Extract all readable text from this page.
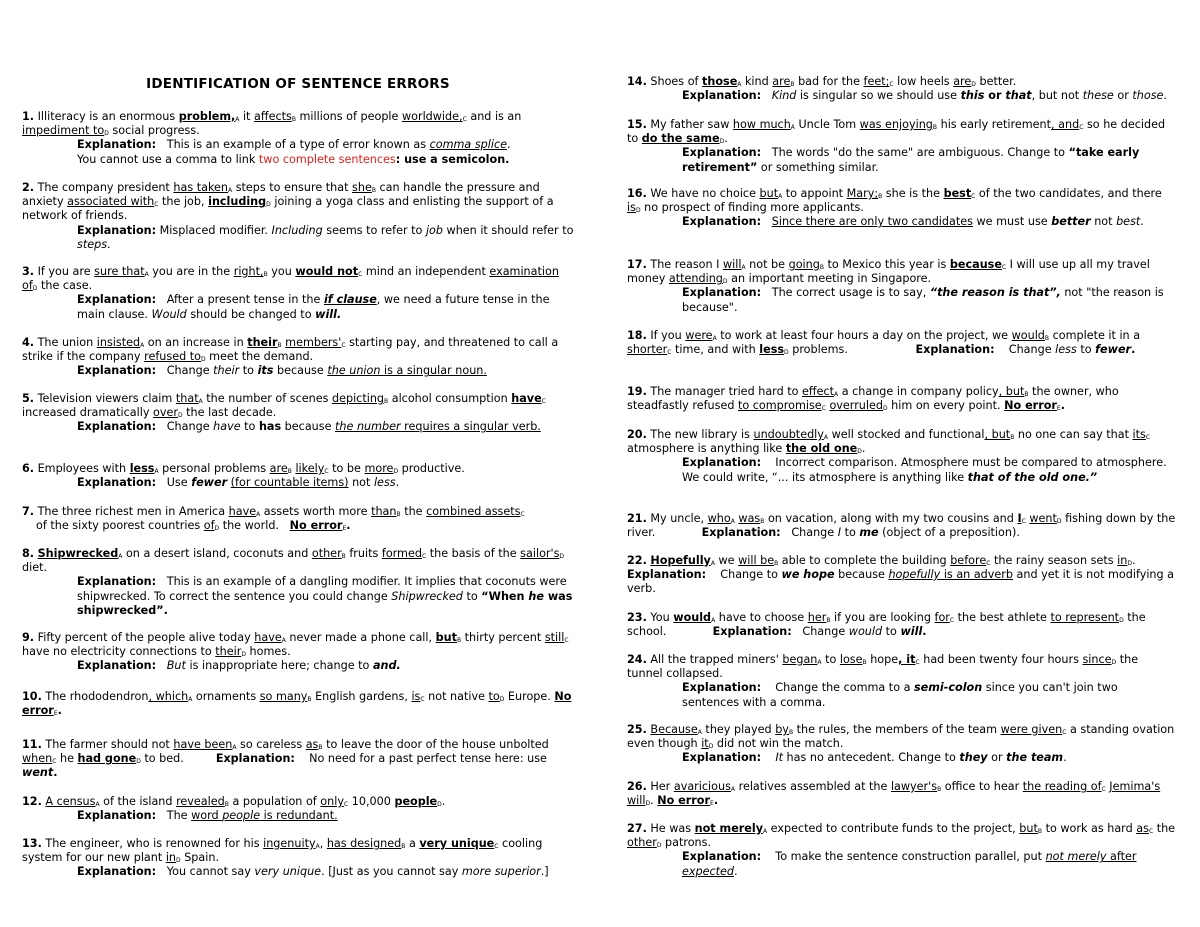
IDENTIFICATION OF SENTENCE ERRORS
1. Illiteracy is an enormous $problem,_A$ it affects$_B$ millions of people $worldwide,_C$ and is an impediment $to_D$ social progress.
Explanation:   This is an example of a type of error known as comma splice.
You cannot use a comma to link two complete sentences: use a semicolon.
2. The company president has taken$_A$ steps to ensure that she$_B$ can handle the pressure and anxiety associated with$_C$ the job, including$_D$ joining a yoga class and enlisting the support of a network of friends.
Explanation: Misplaced modifier. Including seems to refer to job when it should refer to steps.
3. If you are sure that$_A$ you are in the $right,_B$ you would not$_C$ mind an independent examination $of_D$ the case.
Explanation:   After a present tense in the if clause, we need a future tense in the main clause. Would should be changed to will.
4. The union insisted$_A$ on an increase in their$_B$ $members'_C$ starting pay, and threatened to call a strike if the company refused $to_D$ meet the demand.
Explanation:   Change their to its because the union is a singular noun.
5. Television viewers claim that$_A$ the number of scenes depicting$_B$ alcohol consumption have$_C$ increased dramatically over$_D$ the last decade.
Explanation:   Change have to has because the number requires a singular verb.
6. Employees with less$_A$ personal problems are$_B$ likely$_C$ to be more$_D$ productive.
Explanation:   Use fewer (for countable items) not less.
7. The three richest men in America have$_A$ assets worth more than$_B$ the combined assets$_C$
of the sixty poorest countries $of_D$ the world.   No error$_E$.
8. Shipwrecked$_A$ on a desert island, coconuts and other$_B$ fruits formed$_C$ the basis of the $sailor's_D$ diet.
Explanation:   This is an example of a dangling modifier. It implies that coconuts were shipwrecked. To correct the sentence you could change Shipwrecked to “When he was shipwrecked”.
9. Fifty percent of the people alive today have$_A$ never made a phone call, but$_B$ thirty percent still$_C$ have no electricity connections to their$_D$ homes.
Explanation: But is inappropriate here; change to and.
10. The rhododendron, which$_A$ ornaments so many$_B$ English gardens, $is_C$ not native $to_D$ Europe. No error$_E$.
11. The farmer should not have been$_A$ so careless $as_B$ to leave the door of the house unbolted when$_C$ he had gone$_D$ to bed.         Explanation:    No need for a past perfect tense here: use went.
12. A census$_A$ of the island revealed$_B$ a population of only$_C$ 10,000 people$_D$.
Explanation:   The word people is redundant.
13. The engineer, who is renowned for his ingenuity$_A$, has designed$_B$ a very unique$_C$ cooling system for our new plant $in_D$ Spain.
Explanation:   You cannot say very unique. [Just as you cannot say more superior.]
14. Shoes of those$_A$ kind are$_B$ bad for the $feet;_C$ low heels are$_D$ better.
Explanation: Kind is singular so we should use this or that, but not these or those.
15. My father saw how much$_A$ Uncle Tom was enjoying$_B$ his early retirement, and$_C$ so he decided to do the same$_D$.
Explanation:   The words "do the same" are ambiguous. Change to “take early retirement” or something similar.
16. We have no choice but$_A$ to appoint $Mary;_B$ she is the best$_C$ of the two candidates, and there $is_D$ no prospect of finding more applicants.
Explanation: Since there are only two candidates we must use better not best.
17. The reason I will$_A$ not be going$_B$ to Mexico this year is because$_C$ I will use up all my travel money attending$_D$ an important meeting in Singapore.
Explanation:   The correct usage is to say, “the reason is that”, not "the reason is because".
18. If you were$_A$ to work at least four hours a day on the project, we would$_B$ complete it in a shorter$_C$ time, and with less$_D$ problems.                   Explanation:    Change less to fewer.
19. The manager tried hard to effect$_A$ a change in company policy, but$_B$ the owner, who steadfastly refused to compromise$_C$ overruled$_D$ him on every point. No error$_E$.
20. The new library is undoubtedly$_A$ well stocked and functional, but$_B$ no one can say that its$_C$ atmosphere is anything like the old one$_D$.
Explanation:    Incorrect comparison. Atmosphere must be compared to atmosphere. We could write, “... its atmosphere is anything like that of the old one.”
21. My uncle, who$_A$ was$_B$ on vacation, along with my two cousins and $I_C$ went$_D$ fishing down by the river.             Explanation:   Change I to me (object of a preposition).
22. Hopefully$_A$ we will $be_B$ able to complete the building before$_C$ the rainy season sets $in_D$.       Explanation:    Change to we hope because hopefully is an adverb and yet it is not modifying a verb.
23. You would$_A$ have to choose her$_B$ if you are looking for$_C$ the best athlete to represent$_D$ the school.             Explanation:   Change would to will.
24. All the trapped miners' began$_A$ to lose$_B$ hope, $it_C$ had been twenty four hours since$_D$ the tunnel collapsed.
Explanation:    Change the comma to a semi-colon since you can't join two sentences with a comma.
25. Because$_A$ they played $by_B$ the rules, the members of the team were given$_C$ a standing ovation even though $it_D$ did not win the match.
Explanation: It has no antecedent. Change to they or the team.
26. Her avaricious$_A$ relatives assembled at the $lawyer's_B$ office to hear the reading $of_C$ Jemima's will$_D$. No error$_E$.
27. He was not merely$_A$ expected to contribute funds to the project, but$_B$ to work as hard $as_C$ the other$_D$ patrons.
Explanation:    To make the sentence construction parallel, put not merely after expected.
